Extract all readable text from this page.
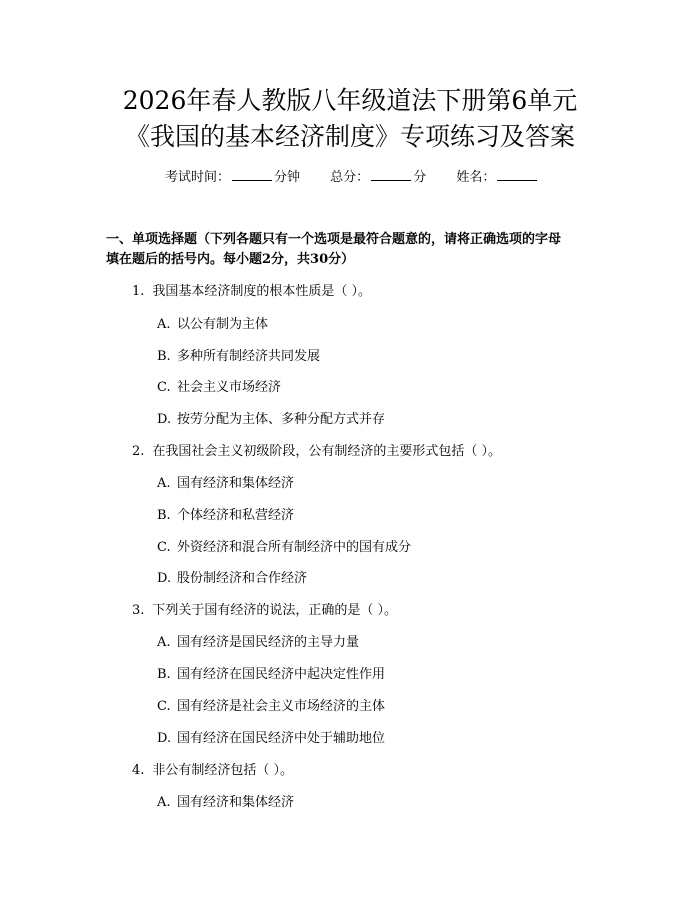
2026年春人教版八年级道法下册第6单元
《我国的基本经济制度》专项练习及答案
考试时间：	分钟 总分：	分 姓名：
一、单项选择题（下列各题只有一个选项是最符合题意的，请将正确选项的字母
填在题后的括号内。每小题2分，共30分）
1. 我国基本经济制度的根本性质是（ ）。
A. 以公有制为主体
B. 多种所有制经济共同发展
C. 社会主义市场经济
D. 按劳分配为主体、多种分配方式并存
2. 在我国社会主义初级阶段，公有制经济的主要形式包括（ ）。
A. 国有经济和集体经济
B. 个体经济和私营经济
C. 外资经济和混合所有制经济中的国有成分
D. 股份制经济和合作经济
3. 下列关于国有经济的说法，正确的是（ ）。
A. 国有经济是国民经济的主导力量
B. 国有经济在国民经济中起决定性作用
C. 国有经济是社会主义市场经济的主体
D. 国有经济在国民经济中处于辅助地位
4. 非公有制经济包括（ ）。
A. 国有经济和集体经济
